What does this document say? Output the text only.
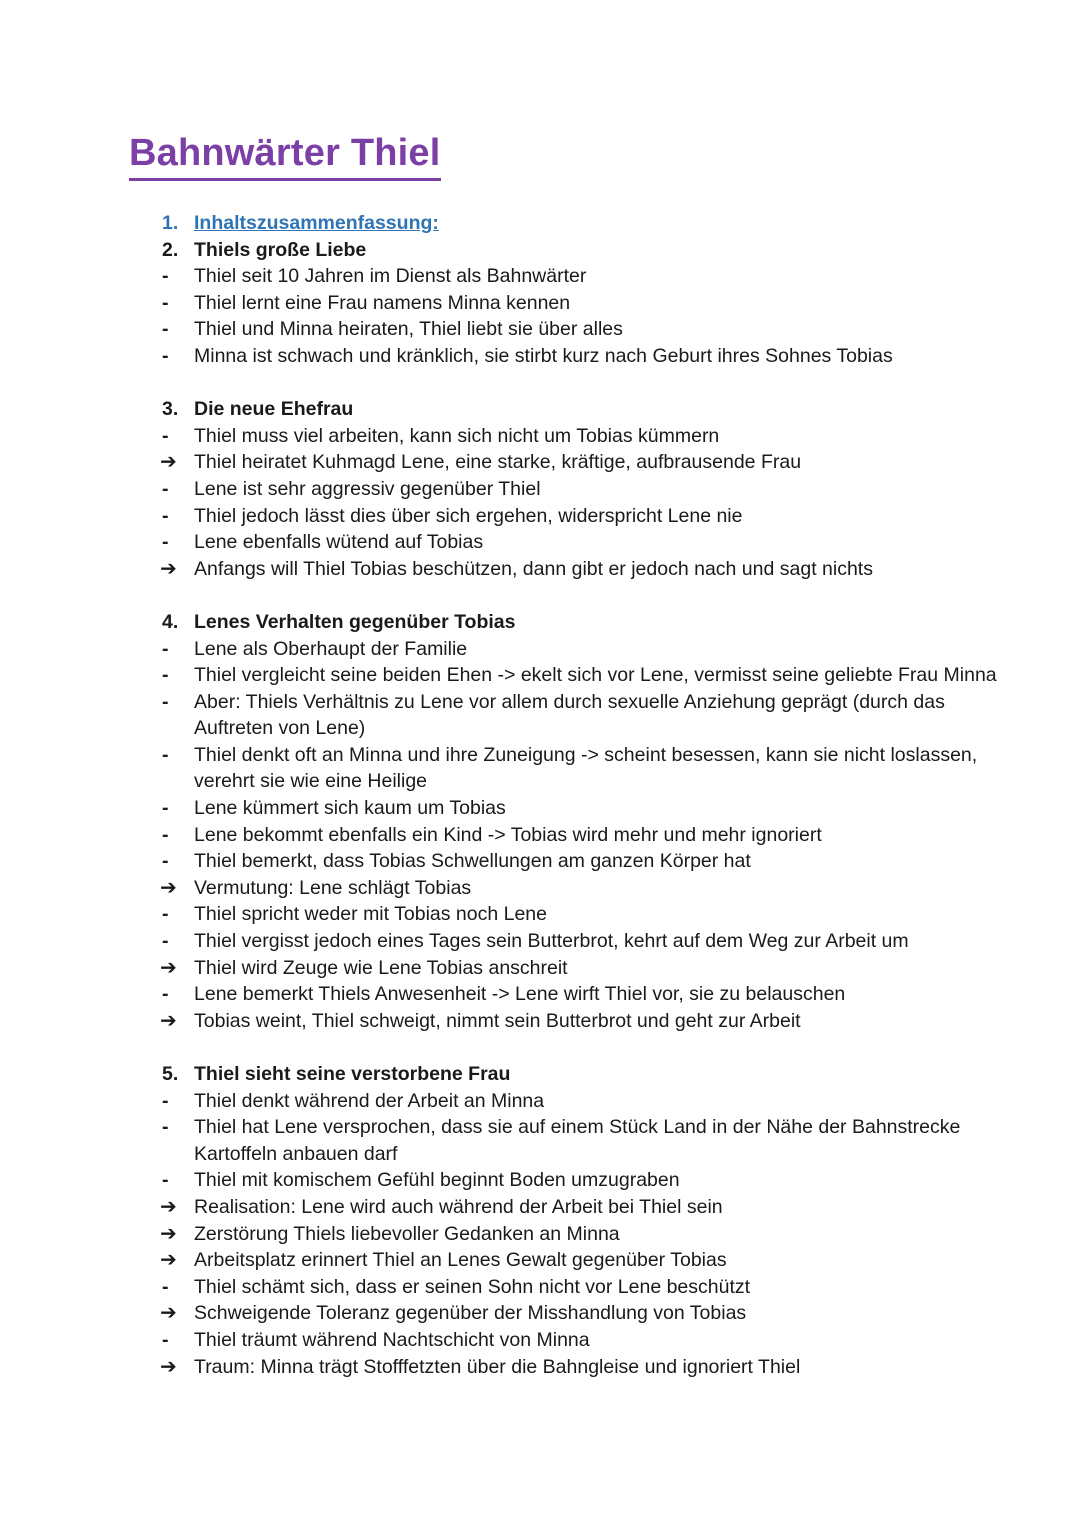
Bahnwärter Thiel
1. Inhaltszusammenfassung:
2. Thiels große Liebe
-	Thiel seit 10 Jahren im Dienst als Bahnwärter
-	Thiel lernt eine Frau namens Minna kennen
-	Thiel und Minna heiraten, Thiel liebt sie über alles
-	Minna ist schwach und kränklich, sie stirbt kurz nach Geburt ihres Sohnes Tobias
3. Die neue Ehefrau
-	Thiel muss viel arbeiten, kann sich nicht um Tobias kümmern
➔ Thiel heiratet Kuhmagd Lene, eine starke, kräftige, aufbrausende Frau
-	Lene ist sehr aggressiv gegenüber Thiel
-	Thiel jedoch lässt dies über sich ergehen, widerspricht Lene nie
-	Lene ebenfalls wütend auf Tobias
➔ Anfangs will Thiel Tobias beschützen, dann gibt er jedoch nach und sagt nichts
4. Lenes Verhalten gegenüber Tobias
-	Lene als Oberhaupt der Familie
-	Thiel vergleicht seine beiden Ehen -> ekelt sich vor Lene, vermisst seine geliebte Frau Minna
-	Aber: Thiels Verhältnis zu Lene vor allem durch sexuelle Anziehung geprägt (durch das Auftreten von Lene)
-	Thiel denkt oft an Minna und ihre Zuneigung -> scheint besessen, kann sie nicht loslassen, verehrt sie wie eine Heilige
-	Lene kümmert sich kaum um Tobias
-	Lene bekommt ebenfalls ein Kind -> Tobias wird mehr und mehr ignoriert
-	Thiel bemerkt, dass Tobias Schwellungen am ganzen Körper hat
➔ Vermutung: Lene schlägt Tobias
-	Thiel spricht weder mit Tobias noch Lene
-	Thiel vergisst jedoch eines Tages sein Butterbrot, kehrt auf dem Weg zur Arbeit um
➔ Thiel wird Zeuge wie Lene Tobias anschreit
-	Lene bemerkt Thiels Anwesenheit -> Lene wirft Thiel vor, sie zu belauschen
➔ Tobias weint, Thiel schweigt, nimmt sein Butterbrot und geht zur Arbeit
5. Thiel sieht seine verstorbene Frau
-	Thiel denkt während der Arbeit an Minna
-	Thiel hat Lene versprochen, dass sie auf einem Stück Land in der Nähe der Bahnstrecke Kartoffeln anbauen darf
-	Thiel mit komischem Gefühl beginnt Boden umzugraben
➔ Realisation: Lene wird auch während der Arbeit bei Thiel sein
➔ Zerstörung Thiels liebevoller Gedanken an Minna
➔ Arbeitsplatz erinnert Thiel an Lenes Gewalt gegenüber Tobias
-	Thiel schämt sich, dass er seinen Sohn nicht vor Lene beschützt
➔ Schweigende Toleranz gegenüber der Misshandlung von Tobias
-	Thiel träumt während Nachtschicht von Minna
➔ Traum: Minna trägt Stofffetzten über die Bahngleise und ignoriert Thiel
